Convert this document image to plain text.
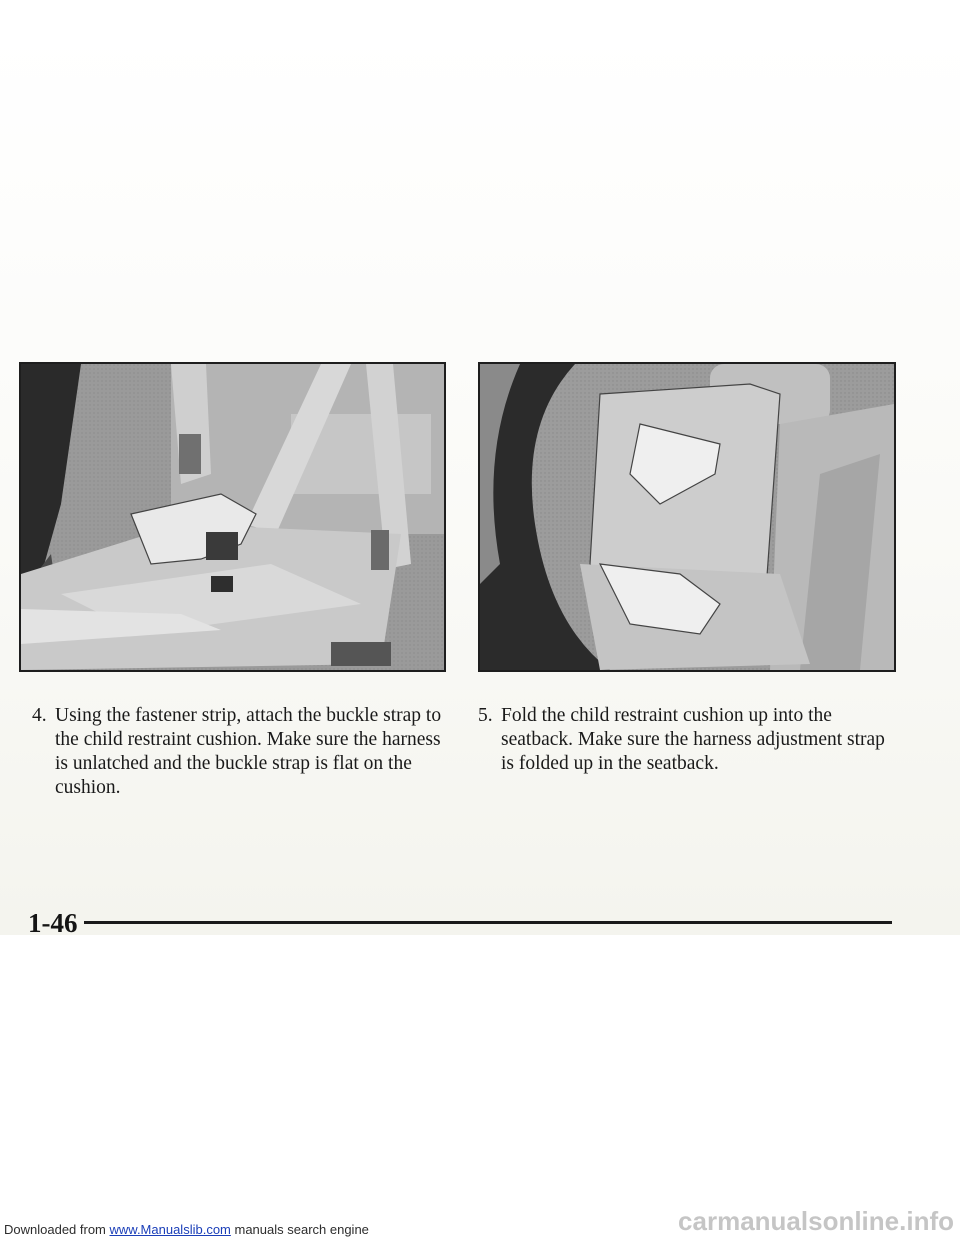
4. Using the fastener strip, attach the buckle strap to the child restraint cushion. Make sure the harness is unlatched and the buckle strap is flat on the cushion.
5. Fold the child restraint cushion up into the seatback. Make sure the harness adjustment strap is folded up in the seatback.
1-46
Downloaded from www.Manualslib.com manuals search engine	carmanualsonline.info
